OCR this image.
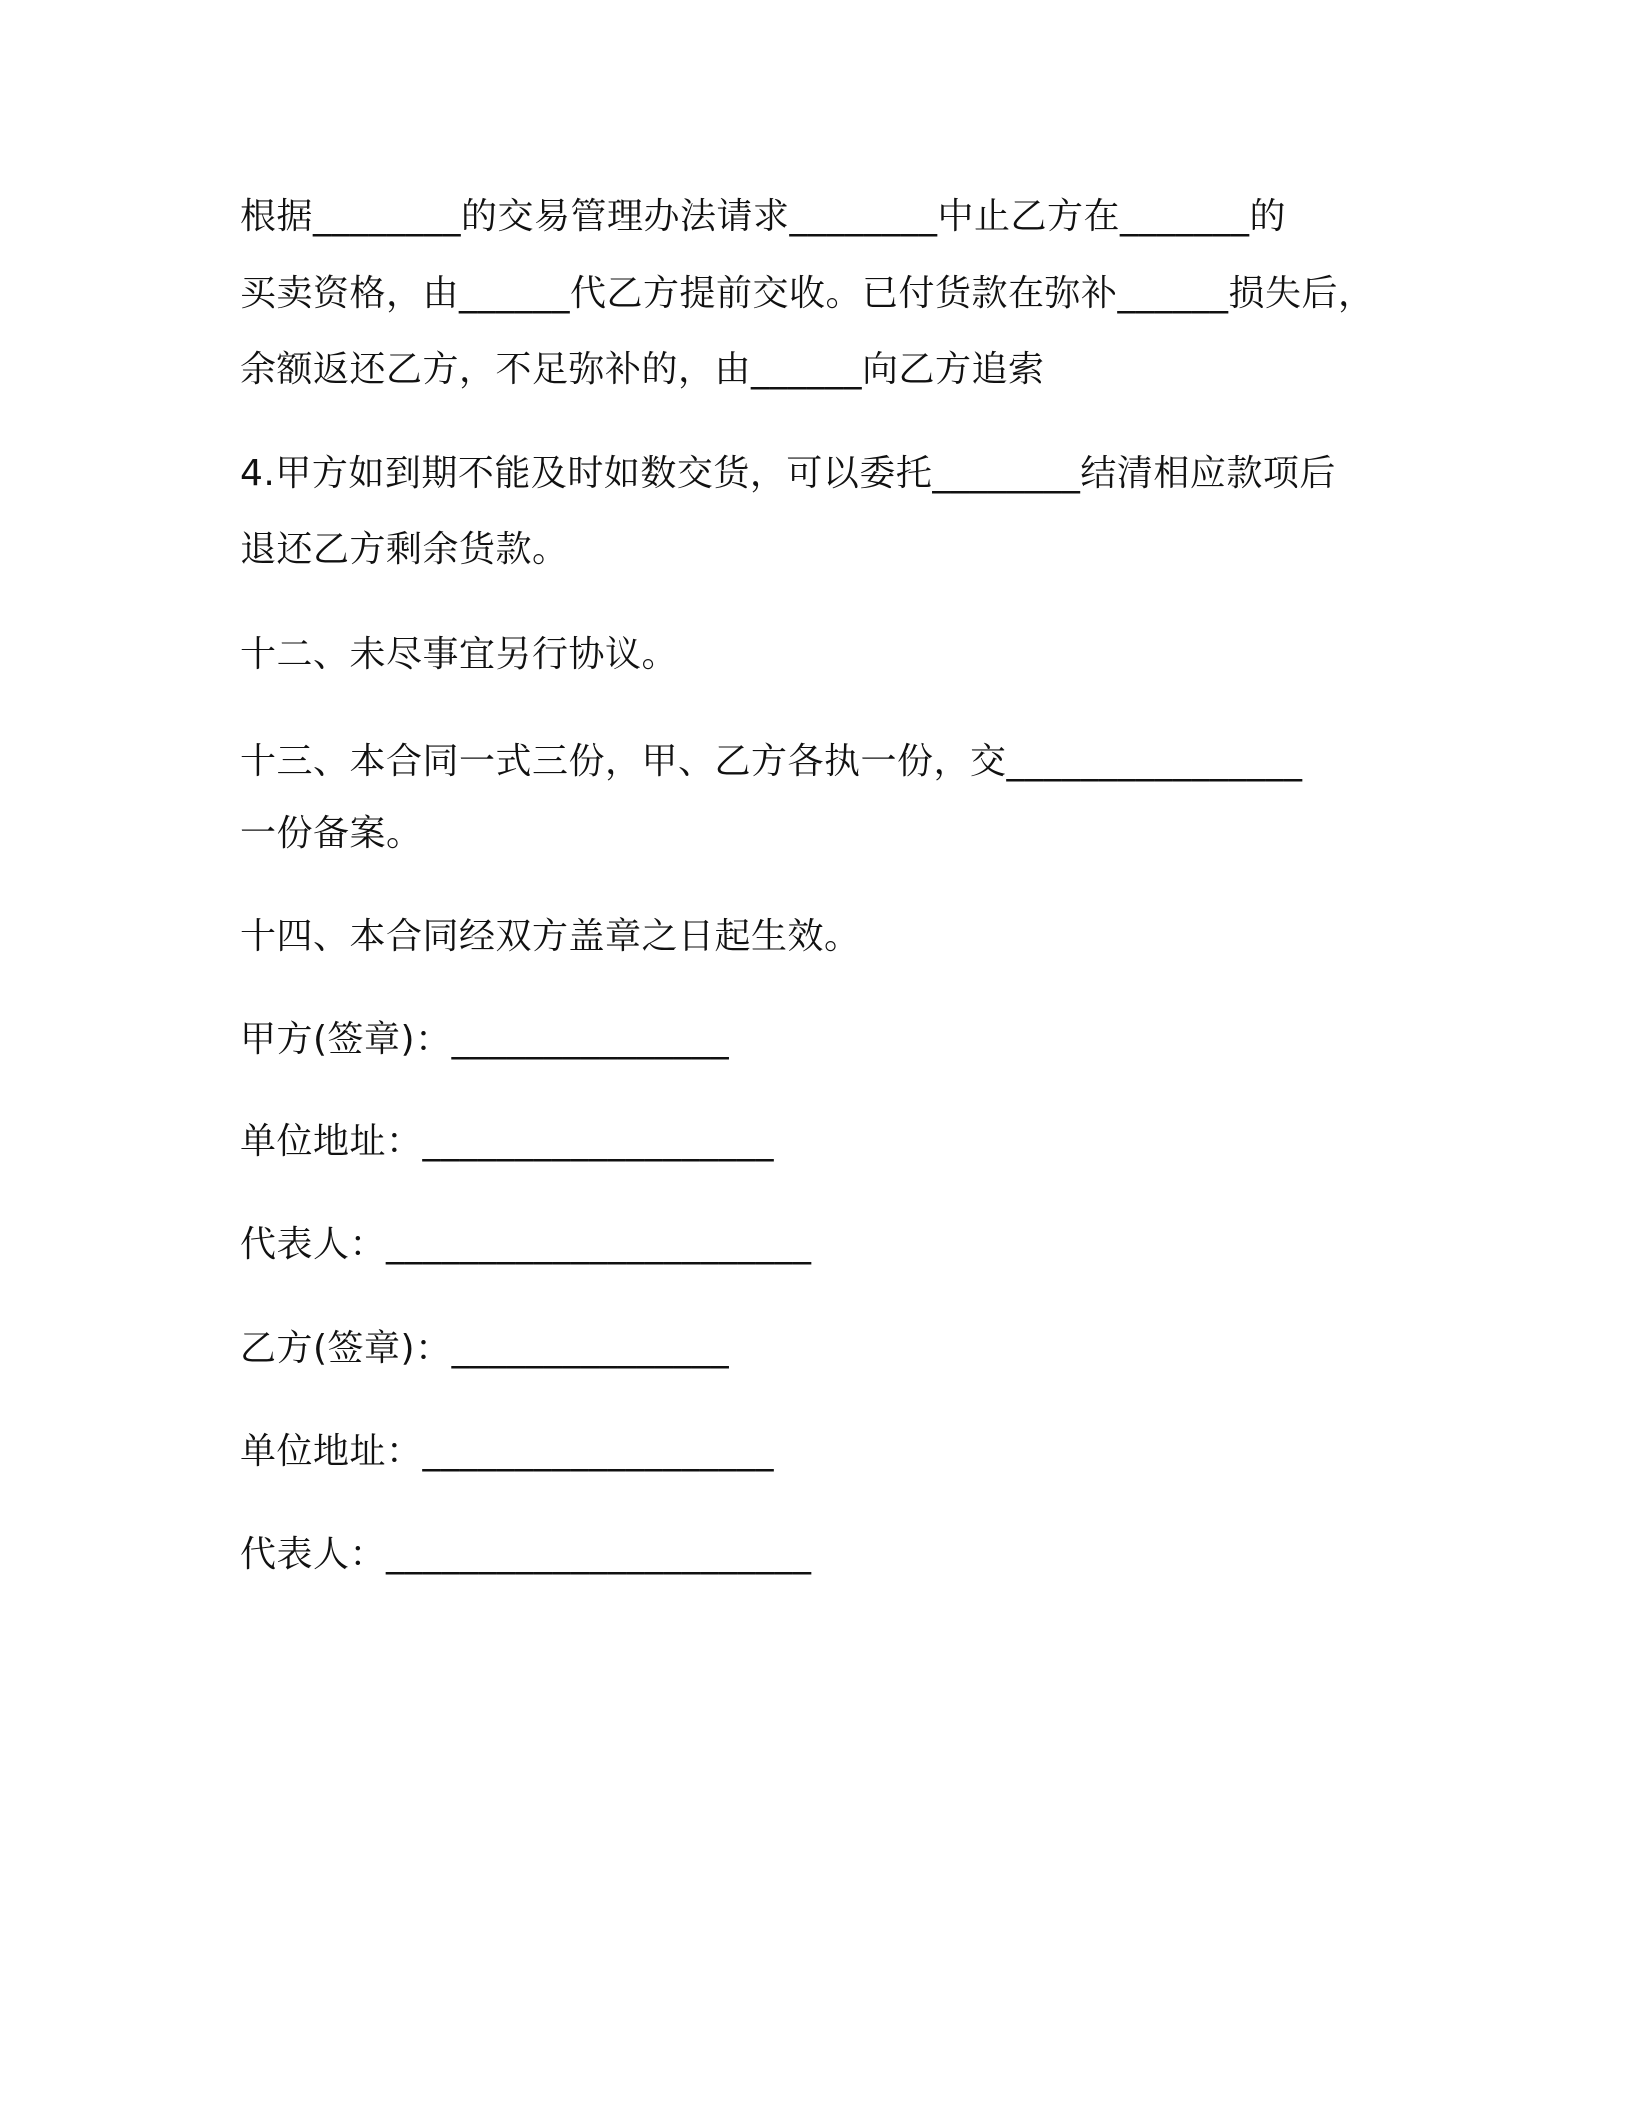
根据________的交易管理办法请求________中止乙方在_______的

买卖资格，由______代乙方提前交收。已付货款在弥补______损失后，

余额返还乙方，不足弥补的，由______向乙方追索

4.甲方如到期不能及时如数交货，可以委托________结清相应款项后

退还乙方剩余货款。

十二、未尽事宜另行协议。

十三、本合同一式三份，甲、乙方各执一份，交________________

一份备案。

十四、本合同经双方盖章之日起生效。

甲方(签章)：_______________

单位地址：___________________

代表人：_______________________

乙方(签章)：_______________

单位地址：___________________

代表人：_______________________
